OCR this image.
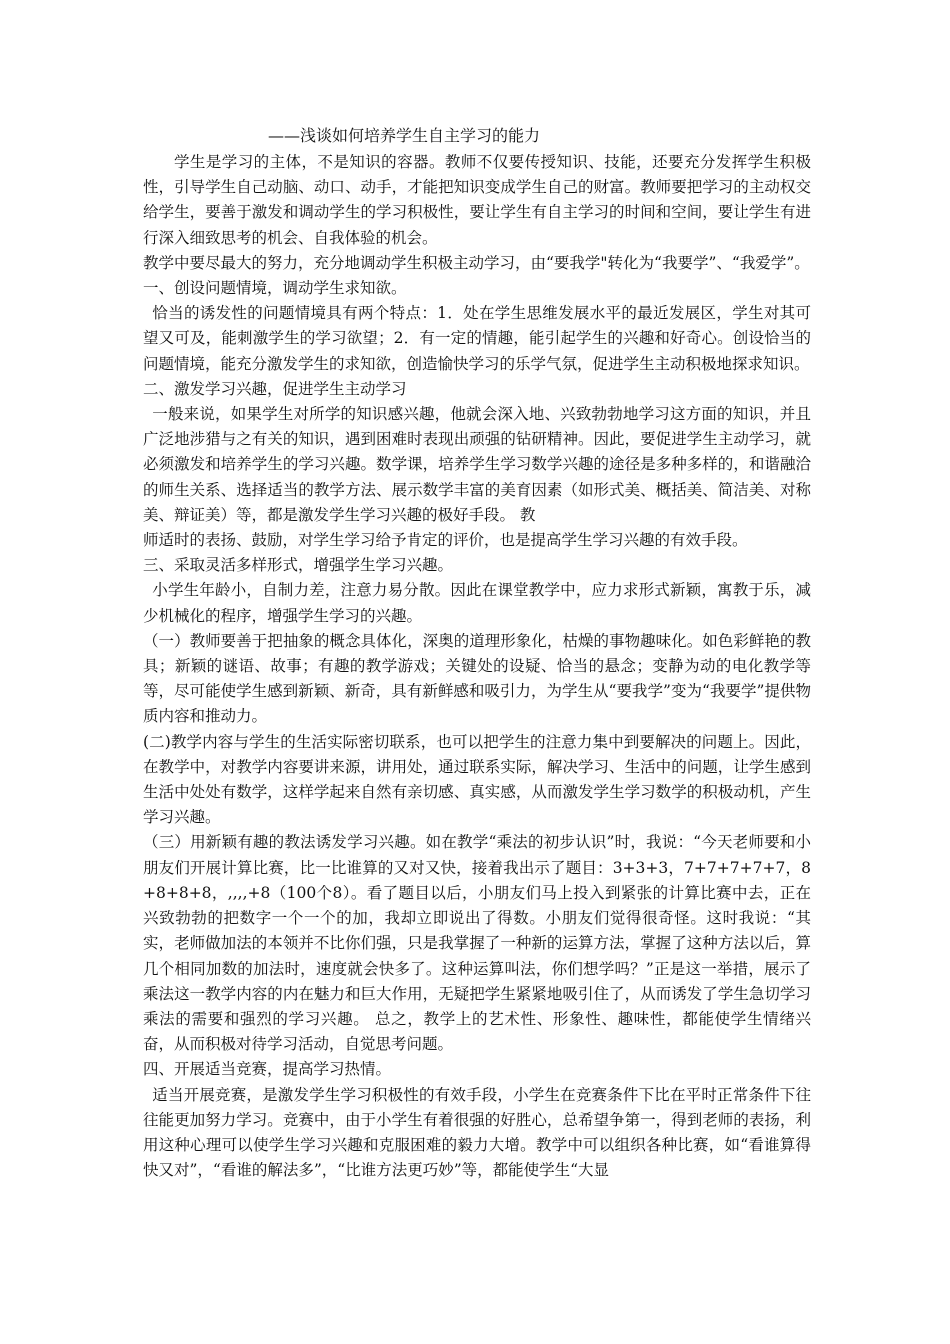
——浅谈如何培养学生自主学习的能力

学生是学习的主体，不是知识的容器。教师不仅要传授知识、技能，还要充分发挥学生积极性，引导学生自己动脑、动口、动手，才能把知识变成学生自己的财富。教师要把学习的主动权交给学生，要善于激发和调动学生的学习积极性，要让学生有自主学习的时间和空间，要让学生有进行深入细致思考的机会、自我体验的机会。

教学中要尽最大的努力，充分地调动学生积极主动学习，由“要我学"转化为“我要学”、“我爱学”。

一、创设问题情境，调动学生求知欲。

恰当的诱发性的问题情境具有两个特点：1．处在学生思维发展水平的最近发展区，学生对其可望又可及，能刺激学生的学习欲望；2．有一定的情趣，能引起学生的兴趣和好奇心。创设恰当的问题情境，能充分激发学生的求知欲，创造愉快学习的乐学气氛，促进学生主动积极地探求知识。

二、激发学习兴趣，促进学生主动学习

一般来说，如果学生对所学的知识感兴趣，他就会深入地、兴致勃勃地学习这方面的知识，并且广泛地涉猎与之有关的知识，遇到困难时表现出顽强的钻研精神。因此，要促进学生主动学习，就必须激发和培养学生的学习兴趣。数学课，培养学生学习数学兴趣的途径是多种多样的，和谐融洽的师生关系、选择适当的教学方法、展示数学丰富的美育因素（如形式美、概括美、简洁美、对称美、辩证美）等，都是激发学生学习兴趣的极好手段。 教

师适时的表扬、鼓励，对学生学习给予肯定的评价，也是提高学生学习兴趣的有效手段。

三、采取灵活多样形式，增强学生学习兴趣。

小学生年龄小，自制力差，注意力易分散。因此在课堂教学中，应力求形式新颖，寓教于乐，减少机械化的程序，增强学生学习的兴趣。

（一）教师要善于把抽象的概念具体化，深奥的道理形象化，枯燥的事物趣味化。如色彩鲜艳的教具；新颖的谜语、故事；有趣的教学游戏；关键处的设疑、恰当的悬念；变静为动的电化教学等等，尽可能使学生感到新颖、新奇，具有新鲜感和吸引力，为学生从“要我学”变为“我要学”提供物质内容和推动力。

(二)教学内容与学生的生活实际密切联系，也可以把学生的注意力集中到要解决的问题上。因此，在教学中，对教学内容要讲来源，讲用处，通过联系实际，解决学习、生活中的问题，让学生感到生活中处处有数学，这样学起来自然有亲切感、真实感，从而激发学生学习数学的积极动机，产生学习兴趣。

（三）用新颖有趣的教法诱发学习兴趣。如在教学“乘法的初步认识”时，我说：“今天老师要和小朋友们开展计算比赛，比一比谁算的又对又快，接着我出示了题目：3+3+3，7+7+7+7+7，8+8+8+8，,,,,+8（100个8）。看了题目以后，小朋友们马上投入到紧张的计算比赛中去，正在兴致勃勃的把数字一个一个的加，我却立即说出了得数。小朋友们觉得很奇怪。这时我说：“其实，老师做加法的本领并不比你们强，只是我掌握了一种新的运算方法，掌握了这种方法以后，算几个相同加数的加法时，速度就会快多了。这种运算叫法，你们想学吗？”正是这一举措，展示了乘法这一教学内容的内在魅力和巨大作用，无疑把学生紧紧地吸引住了，从而诱发了学生急切学习乘法的需要和强烈的学习兴趣。 总之，教学上的艺术性、形象性、趣味性，都能使学生情绪兴奋，从而积极对待学习活动，自觉思考问题。

四、开展适当竞赛，提高学习热情。

适当开展竞赛，是激发学生学习积极性的有效手段，小学生在竞赛条件下比在平时正常条件下往往能更加努力学习。竞赛中，由于小学生有着很强的好胜心，总希望争第一，得到老师的表扬，利用这种心理可以使学生学习兴趣和克服困难的毅力大增。教学中可以组织各种比赛，如“看谁算得快又对”，“看谁的解法多”，“比谁方法更巧妙”等，都能使学生“大显
